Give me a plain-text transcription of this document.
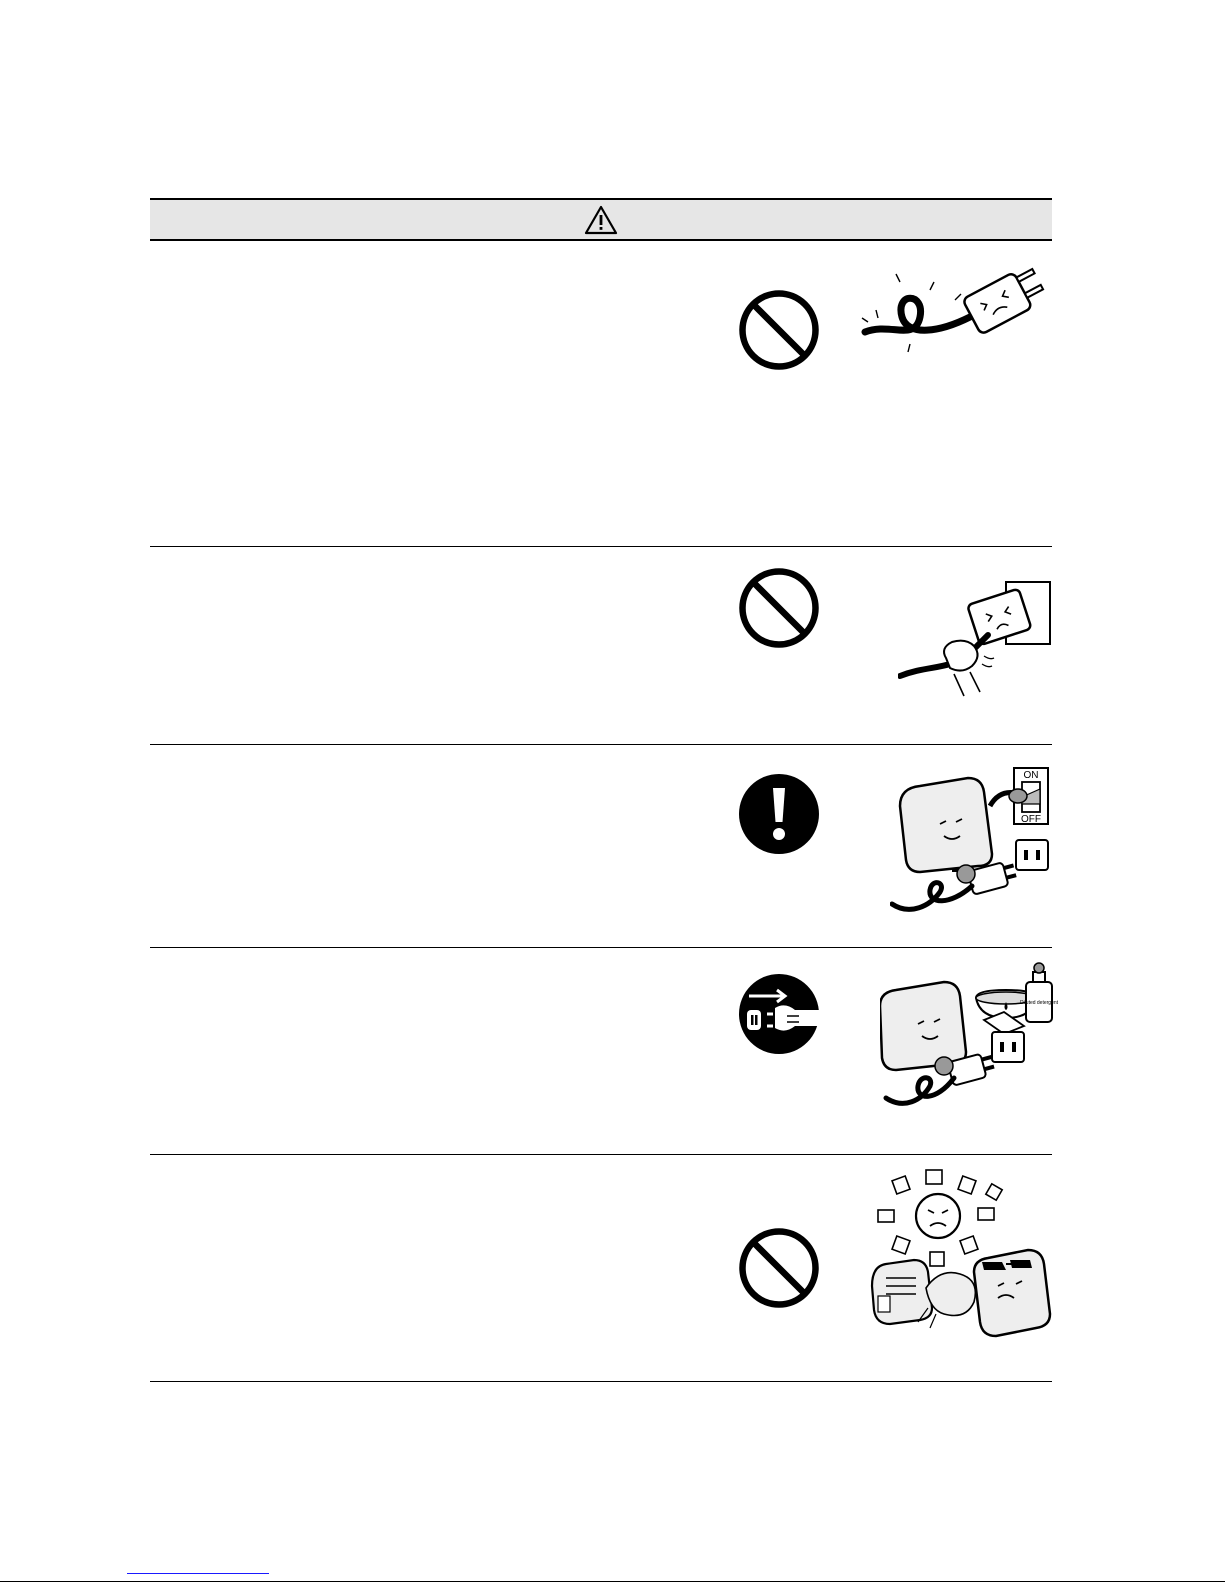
ON
OFF
Diluted detergent
